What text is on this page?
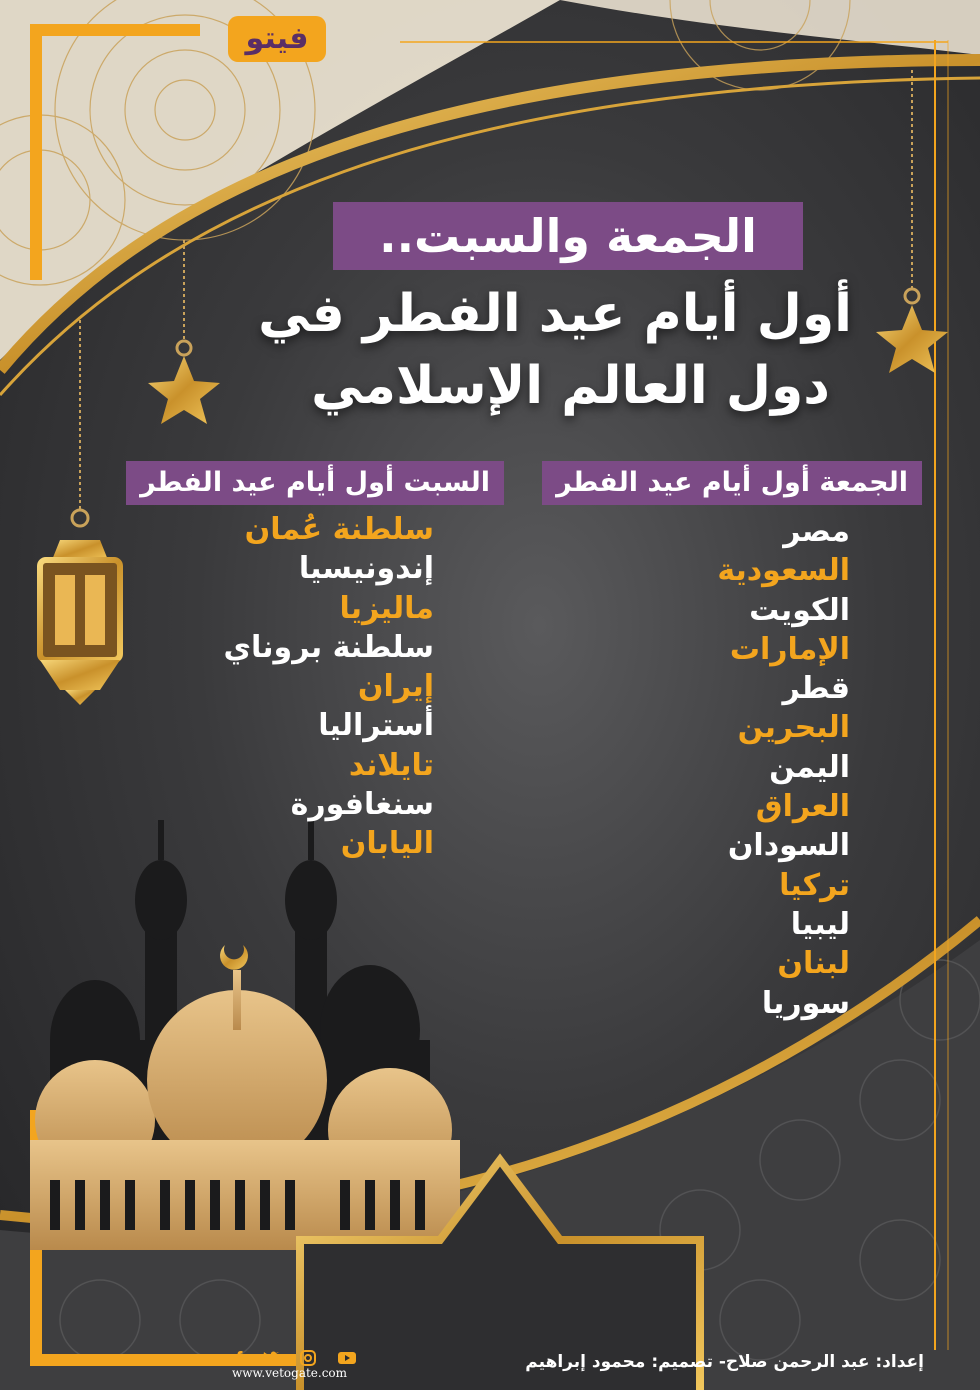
فيتو
الجمعة والسبت..
أول أيام عيد الفطر في
دول العالم الإسلامي
الجمعة أول أيام عيد الفطر
السبت أول أيام عيد الفطر
مصر
السعودية
الكويت
الإمارات
قطر
البحرين
اليمن
العراق
السودان
تركيا
ليبيا
لبنان
سوريا
سلطنة عُمان
إندونيسيا
ماليزيا
سلطنة بروناي
إيران
أستراليا
تايلاند
سنغافورة
اليابان
www.vetogate.com
إعداد: عبد الرحمن صلاح- تصميم: محمود إبراهيم
